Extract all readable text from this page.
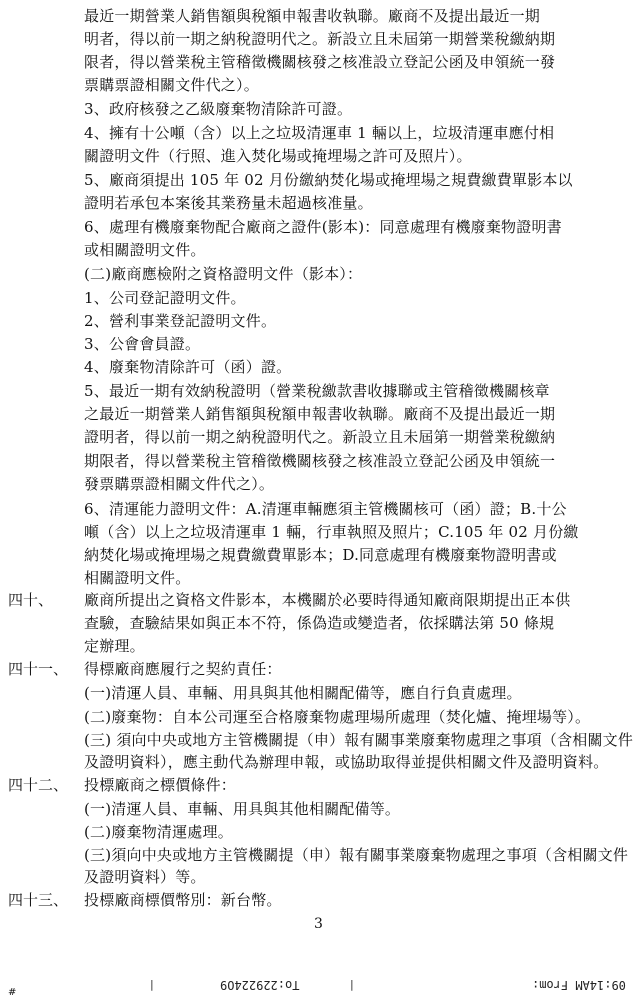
最近一期營業人銷售額與稅額申報書收執聯。廠商不及提出最近一期
明者，得以前一期之納稅證明代之。新設立且未屆第一期營業稅繳納期
限者，得以營業稅主管稽徵機關核發之核准設立登記公函及申領統一發
票購票證相關文件代之）。
3、政府核發之乙級廢棄物清除許可證。
4、擁有十公噸（含）以上之垃圾清運車 1 輛以上，垃圾清運車應付相
關證明文件（行照、進入焚化場或掩埋場之許可及照片）。
5、廠商須提出 105 年 02 月份繳納焚化場或掩埋場之規費繳費單影本以
證明若承包本案後其業務量未超過核准量。
6、處理有機廢棄物配合廠商之證件(影本)：同意處理有機廢棄物證明書
或相關證明文件。
(二)廠商應檢附之資格證明文件（影本）：
1、公司登記證明文件。
2、營利事業登記證明文件。
3、公會會員證。
4、廢棄物清除許可（函）證。
5、最近一期有效納稅證明（營業稅繳款書收據聯或主管稽徵機關核章
之最近一期營業人銷售額與稅額申報書收執聯。廠商不及提出最近一期
證明者，得以前一期之納稅證明代之。新設立且未屆第一期營業稅繳納
期限者，得以營業稅主管稽徵機關核發之核准設立登記公函及申領統一
發票購票證相關文件代之）。
6、清運能力證明文件：A.清運車輛應須主管機關核可（函）證；B.十公
噸（含）以上之垃圾清運車 1 輛，行車執照及照片；C.105 年 02 月份繳
納焚化場或掩埋場之規費繳費單影本；D.同意處理有機廢棄物證明書或
相關證明文件。
四十、 廠商所提出之資格文件影本，本機關於必要時得通知廠商限期提出正本供
查驗，查驗結果如與正本不符，係偽造或變造者，依採購法第 50 條規
定辦理。
四十一、 得標廠商應履行之契約責任：
(一)清運人員、車輛、用具與其他相關配備等，應自行負責處理。
(二)廢棄物：自本公司運至合格廢棄物處理場所處理（焚化爐、掩埋場等）。
(三) 須向中央或地方主管機關提（申）報有關事業廢棄物處理之事項（含相關文件
及證明資料），應主動代為辦理申報，或協助取得並提供相關文件及證明資料。
四十二、 投標廠商之標價條件：
(一)清運人員、車輛、用具與其他相關配備等。
(二)廢棄物清運處理。
(三)須向中央或地方主管機關提（申）報有關事業廢棄物處理之事項（含相關文件
及證明資料）等。
四十三、 投標廠商標價幣別：新台幣。
3
|	|
To:229224O9	09:14AM From:
#
